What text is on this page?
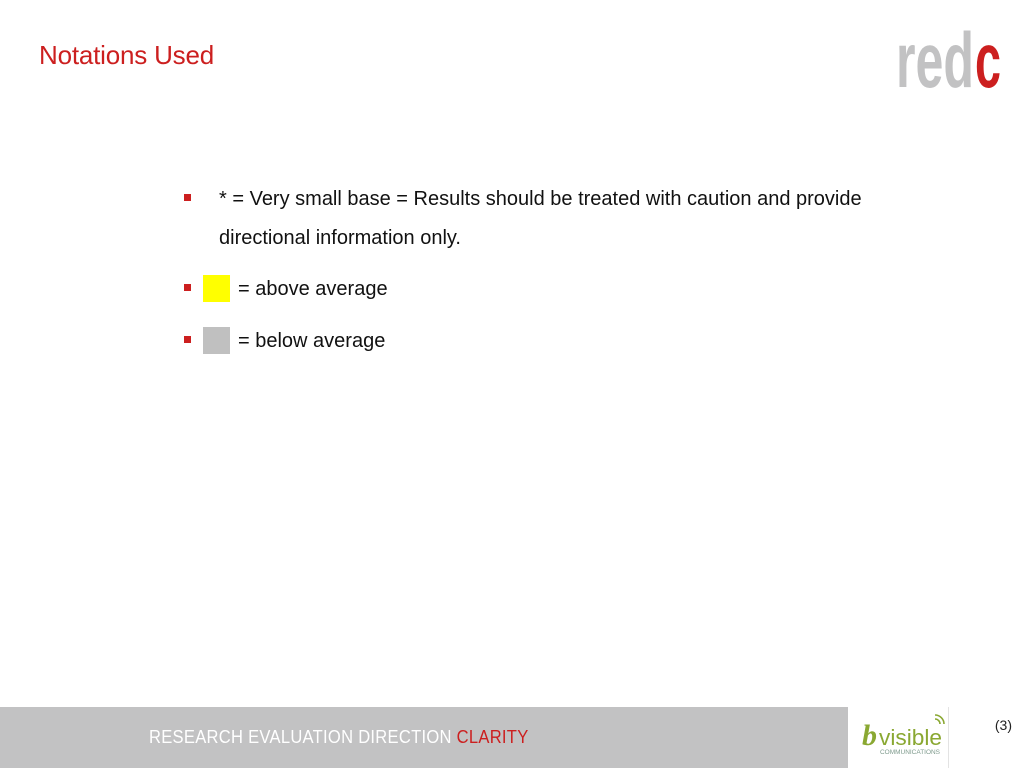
Notations Used	red c
* = Very small base = Results should be treated with caution and provide directional information only.
= above average
= below average
RESEARCH EVALUATION DIRECTION CLARITY	b visible
COMMUNICATIONS
(3)
